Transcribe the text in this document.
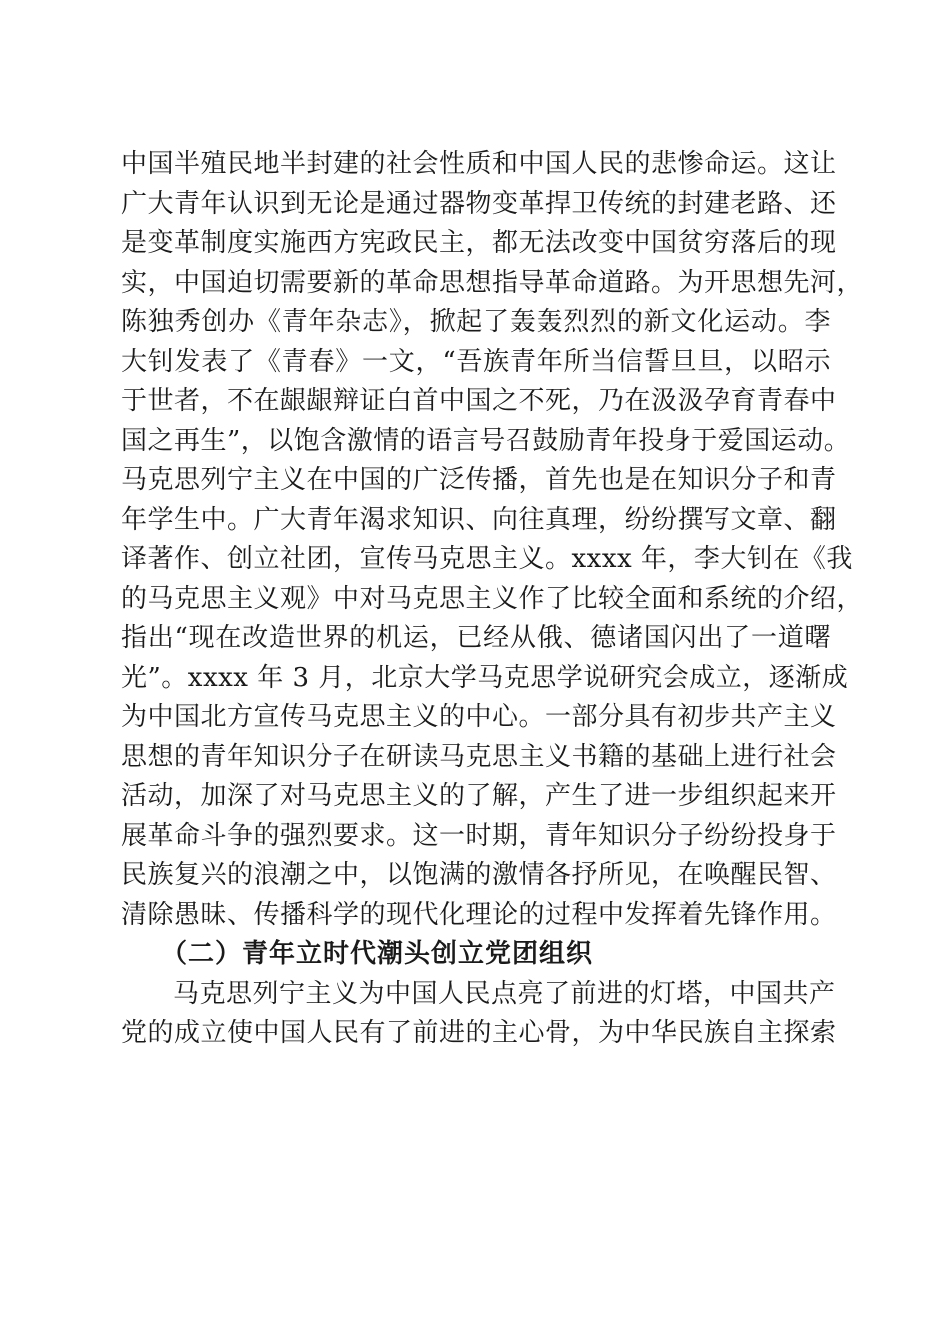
中国半殖民地半封建的社会性质和中国人民的悲惨命运。这让
广大青年认识到无论是通过器物变革捍卫传统的封建老路、还
是变革制度实施西方宪政民主，都无法改变中国贫穷落后的现
实，中国迫切需要新的革命思想指导革命道路。为开思想先河，
陈独秀创办《青年杂志》，掀起了轰轰烈烈的新文化运动。李
大钊发表了《青春》一文，“吾族青年所当信誓旦旦，以昭示
于世者，不在龈龈辩证白首中国之不死，乃在汲汲孕育青春中
国之再生”，以饱含激情的语言号召鼓励青年投身于爱国运动。
马克思列宁主义在中国的广泛传播，首先也是在知识分子和青
年学生中。广大青年渴求知识、向往真理，纷纷撰写文章、翻
译著作、创立社团，宣传马克思主义。xxxx 年，李大钊在《我
的马克思主义观》中对马克思主义作了比较全面和系统的介绍，
指出“现在改造世界的机运，已经从俄、德诸国闪出了一道曙
光”。xxxx 年 3 月，北京大学马克思学说研究会成立，逐渐成
为中国北方宣传马克思主义的中心。一部分具有初步共产主义
思想的青年知识分子在研读马克思主义书籍的基础上进行社会
活动，加深了对马克思主义的了解，产生了进一步组织起来开
展革命斗争的强烈要求。这一时期，青年知识分子纷纷投身于
民族复兴的浪潮之中，以饱满的激情各抒所见，在唤醒民智、
清除愚昧、传播科学的现代化理论的过程中发挥着先锋作用。
（二）青年立时代潮头创立党团组织
马克思列宁主义为中国人民点亮了前进的灯塔，中国共产
党的成立使中国人民有了前进的主心骨，为中华民族自主探索
